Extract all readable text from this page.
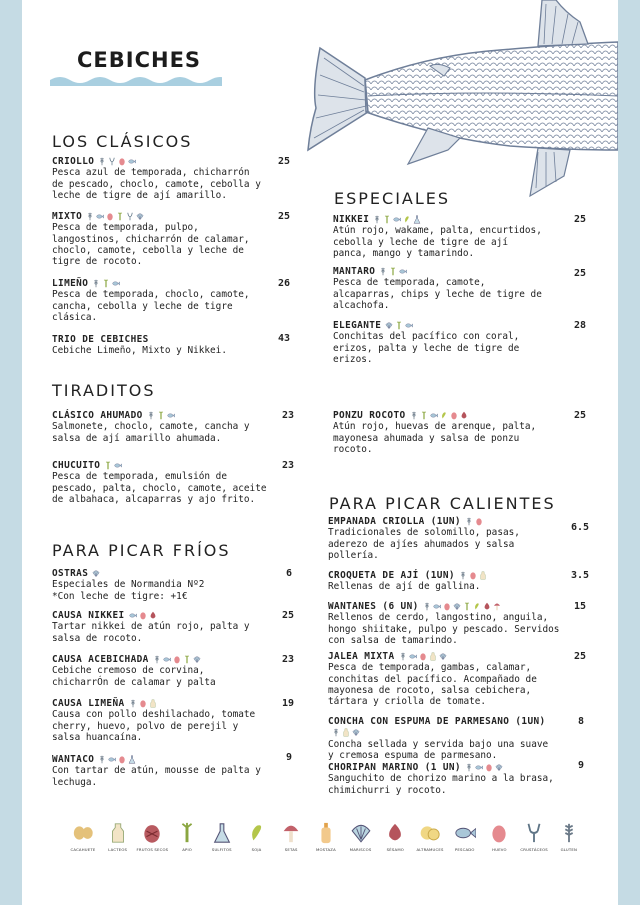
CEBICHES
LOS CLÁSICOS
ESPECIALES
TIRADITOS
PARA PICAR FRÍOS
PARA PICAR CALIENTES
CRIOLLO
Pesca azul de temporada, chicharrón
de pescado, choclo, camote, cebolla y
leche de tigre de ají amarillo.
25
MIXTO
Pesca de temporada, pulpo,
langostinos, chicharrón de calamar,
choclo, camote, cebolla y leche de
tigre de rocoto.
25
LIMEÑO
Pesca de temporada, choclo, camote,
cancha, cebolla y leche de tigre
clásica.
26
TRIO DE CEBICHES
Cebiche Limeño, Mixto y Nikkei.
43
CLÁSICO AHUMADO
Salmonete, choclo, camote, cancha y
salsa de ají amarillo ahumada.
23
CHUCUITO
Pesca de temporada, emulsión de
pescado, palta, choclo, camote, aceite
de albahaca, alcaparras y ajo frito.
23
OSTRAS
Especiales de Normandia Nº2
*Con leche de tigre: +1€
6
CAUSA NIKKEI
Tartar nikkei de atún rojo, palta y
salsa de rocoto.
25
CAUSA ACEBICHADA
Cebiche cremoso de corvina,
chicharrÓn de calamar y palta
23
CAUSA LIMEÑA
Causa con pollo deshilachado, tomate
cherry, huevo, polvo de perejil y
salsa huancaína.
19
WANTACO
Con tartar de atún, mousse de palta y
lechuga.
9
NIKKEI
Atún rojo, wakame, palta, encurtidos,
cebolla y leche de tigre de ají
panca, mango y tamarindo.
25
MANTARO
Pesca de temporada, camote,
alcaparras, chips y leche de tigre de
alcachofa.
25
ELEGANTE
Conchitas del pacífico con coral,
erizos, palta y leche de tigre de
erizos.
28
PONZU ROCOTO
Atún rojo, huevas de arenque, palta,
mayonesa ahumada y salsa de ponzu
rocoto.
25
EMPANADA CRIOLLA (1UN)
Tradicionales de solomillo, pasas,
aderezo de ajíes ahumados y salsa
pollería.
6.5
CROQUETA DE AJÍ (1UN)
Rellenas de ají de gallina.
3.5
WANTANES (6 UN)
Rellenos de cerdo, langostino, anguila,
hongo shiitake, pulpo y pescado. Servidos
con salsa de tamarindo.
15
JALEA MIXTA
Pesca de temporada, gambas, calamar,
conchitas del pacífico. Acompañado de
mayonesa de rocoto, salsa cebichera,
tártara y criolla de tomate.
25
CONCHA CON ESPUMA DE PARMESANO (1UN)
Concha sellada y servida bajo una suave
y cremosa espuma de parmesano.
8
CHORIPAN MARINO (1 UN)
Sanguchito de chorizo marino a la brasa,
chimichurri y rocoto.
9
CACAHUETE	LACTEOS FRUTOS SECOS	APIO	SULFITOS	SOJA	SETAS	MOSTAZA	MARISCOS	SÉSAMO	ALTRAMUCES	PESCADO	HUEVO	CRUSTÁCEOS	GLUTEN
